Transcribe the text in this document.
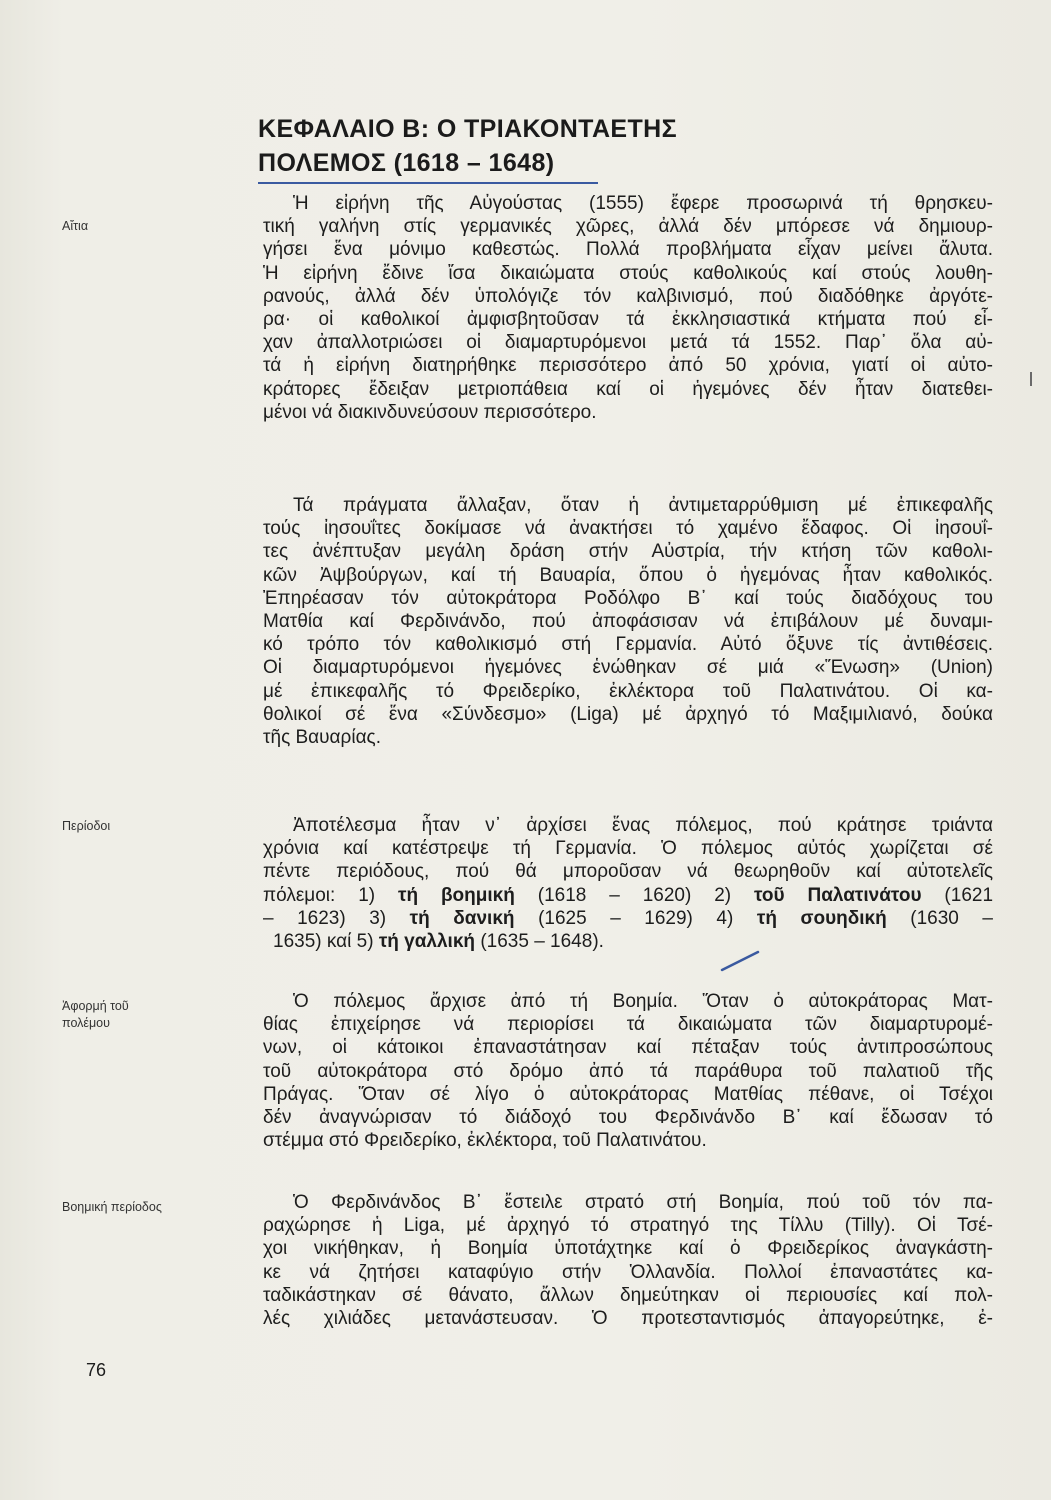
ΚΕΦΑΛΑΙΟ Β: Ο ΤΡΙΑΚΟΝΤΑΕΤΗΣ
ΠΟΛΕΜΟΣ (1618 – 1648)
Αἴτια
Περίοδοι
Ἀφορμή τοῦ
πολέμου
Βοημική περίοδος
Ἡ εἰρήνη τῆς Αὐγούστας (1555) ἔφερε προσωρινά τή θρησκευ-
τική γαλήνη στίς γερμανικές χῶρες, ἀλλά δέν μπόρεσε νά δημιουρ-
γήσει ἕνα μόνιμο καθεστώς. Πολλά προβλήματα εἶχαν μείνει ἄλυτα.
Ἡ εἰρήνη ἔδινε ἴσα δικαιώματα στούς καθολικούς καί στούς λουθη-
ρανούς, ἀλλά δέν ὑπολόγιζε τόν καλβινισμό, πού διαδόθηκε ἀργότε-
ρα· οἱ καθολικοί ἀμφισβητοῦσαν τά ἐκκλησιαστικά κτήματα πού εἶ-
χαν ἀπαλλοτριώσει οἱ διαμαρτυρόμενοι μετά τά 1552. Παρ᾽ ὅλα αὐ-
τά ἡ εἰρήνη διατηρήθηκε περισσότερο ἀπό 50 χρόνια, γιατί οἱ αὐτο-
κράτορες ἔδειξαν μετριοπάθεια καί οἱ ἡγεμόνες δέν ἦταν διατεθει-
μένοι νά διακινδυνεύσουν περισσότερο.
Τά πράγματα ἄλλαξαν, ὅταν ἡ ἀντιμεταρρύθμιση μέ ἐπικεφαλῆς
τούς ἰησουΐτες δοκίμασε νά ἀνακτήσει τό χαμένο ἔδαφος. Οἱ ἰησουΐ-
τες ἀνέπτυξαν μεγάλη δράση στήν Αὐστρία, τήν κτήση τῶν καθολι-
κῶν Ἀψβούργων, καί τή Βαυαρία, ὅπου ὁ ἡγεμόνας ἦταν καθολικός.
Ἐπηρέασαν τόν αὐτοκράτορα Ροδόλφο Β᾽ καί τούς διαδόχους του
Ματθία καί Φερδινάνδο, πού ἀποφάσισαν νά ἐπιβάλουν μέ δυναμι-
κό τρόπο τόν καθολικισμό στή Γερμανία. Αὐτό ὄξυνε τίς ἀντιθέσεις.
Οἱ διαμαρτυρόμενοι ἡγεμόνες ἑνώθηκαν σέ μιά «Ἕνωση» (Union)
μέ ἐπικεφαλῆς τό Φρειδερίκο, ἐκλέκτορα τοῦ Παλατινάτου. Οἱ κα-
θολικοί σέ ἕνα «Σύνδεσμο» (Liga) μέ ἀρχηγό τό Μαξιμιλιανό, δούκα
τῆς Βαυαρίας.
Ἀποτέλεσμα ἦταν ν᾽ ἀρχίσει ἕνας πόλεμος, πού κράτησε τριάντα
χρόνια καί κατέστρεψε τή Γερμανία. Ὁ πόλεμος αὐτός χωρίζεται σέ
πέντε περιόδους, πού θά μποροῦσαν νά θεωρηθοῦν καί αὐτοτελεῖς
πόλεμοι: 1) τή βοημική (1618 – 1620) 2) τοῦ Παλατινάτου (1621
– 1623) 3) τή δανική (1625 – 1629) 4) τή σουηδική (1630 –
1635) καί 5) τή γαλλική (1635 – 1648).
Ὁ πόλεμος ἄρχισε ἀπό τή Βοημία. Ὅταν ὁ αὐτοκράτορας Ματ-
θίας ἐπιχείρησε νά περιορίσει τά δικαιώματα τῶν διαμαρτυρομέ-
νων, οἱ κάτοικοι ἐπαναστάτησαν καί πέταξαν τούς ἀντιπροσώπους
τοῦ αὐτοκράτορα στό δρόμο ἀπό τά παράθυρα τοῦ παλατιοῦ τῆς
Πράγας. Ὅταν σέ λίγο ὁ αὐτοκράτορας Ματθίας πέθανε, οἱ Τσέχοι
δέν ἀναγνώρισαν τό διάδοχό του Φερδινάνδο Β᾽ καί ἔδωσαν τό
στέμμα στό Φρειδερίκο, ἐκλέκτορα, τοῦ Παλατινάτου.
Ὁ Φερδινάνδος Β᾽ ἔστειλε στρατό στή Βοημία, πού τοῦ τόν πα-
ραχώρησε ἡ Liga, μέ ἀρχηγό τό στρατηγό της Τίλλυ (Tilly). Οἱ Τσέ-
χοι νικήθηκαν, ἡ Βοημία ὑποτάχτηκε καί ὁ Φρειδερίκος ἀναγκάστη-
κε νά ζητήσει καταφύγιο στήν Ὁλλανδία. Πολλοί ἐπαναστάτες κα-
ταδικάστηκαν σέ θάνατο, ἄλλων δημεύτηκαν οἱ περιουσίες καί πολ-
λές χιλιάδες μετανάστευσαν. Ὁ προτεσταντισμός ἀπαγορεύτηκε, ἐ-
76
